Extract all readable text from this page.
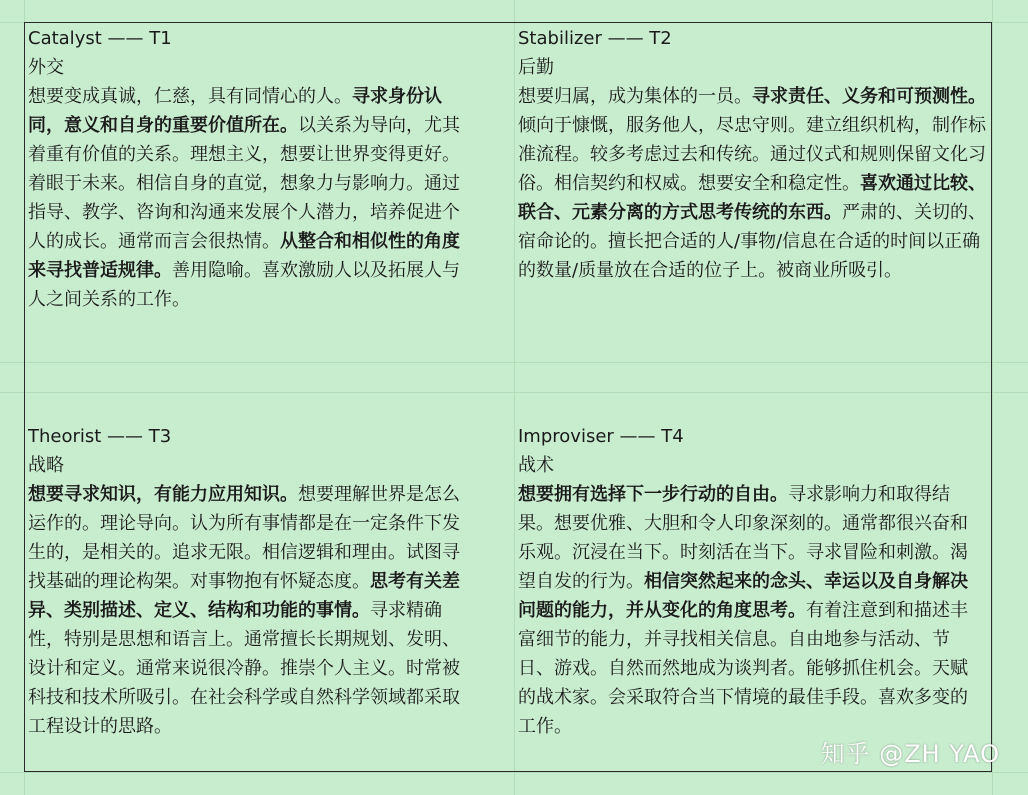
Catalyst —— T1
外交
想要变成真诚，仁慈，具有同情心的人。寻求身份认同，意义和自身的重要价值所在。以关系为导向，尤其着重有价值的关系。理想主义，想要让世界变得更好。着眼于未来。相信自身的直觉，想象力与影响力。通过指导、教学、咨询和沟通来发展个人潜力，培养促进个人的成长。通常而言会很热情。从整合和相似性的角度来寻找普适规律。善用隐喻。喜欢激励人以及拓展人与人之间关系的工作。
Stabilizer —— T2
后勤
想要归属，成为集体的一员。寻求责任、义务和可预测性。倾向于慷慨，服务他人，尽忠守则。建立组织机构，制作标准流程。较多考虑过去和传统。通过仪式和规则保留文化习俗。相信契约和权威。想要安全和稳定性。喜欢通过比较、联合、元素分离的方式思考传统的东西。严肃的、关切的、宿命论的。擅长把合适的人/事物/信息在合适的时间以正确的数量/质量放在合适的位子上。被商业所吸引。
Theorist —— T3
战略
想要寻求知识，有能力应用知识。想要理解世界是怎么运作的。理论导向。认为所有事情都是在一定条件下发生的，是相关的。追求无限。相信逻辑和理由。试图寻找基础的理论构架。对事物抱有怀疑态度。思考有关差异、类别描述、定义、结构和功能的事情。寻求精确性，特别是思想和语言上。通常擅长长期规划、发明、设计和定义。通常来说很冷静。推崇个人主义。时常被科技和技术所吸引。在社会科学或自然科学领域都采取工程设计的思路。
Improviser —— T4
战术
想要拥有选择下一步行动的自由。寻求影响力和取得结果。想要优雅、大胆和令人印象深刻的。通常都很兴奋和乐观。沉浸在当下。时刻活在当下。寻求冒险和刺激。渴望自发的行为。相信突然起来的念头、幸运以及自身解决问题的能力，并从变化的角度思考。有着注意到和描述丰富细节的能力，并寻找相关信息。自由地参与活动、节日、游戏。自然而然地成为谈判者。能够抓住机会。天赋的战术家。会采取符合当下情境的最佳手段。喜欢多变的工作。
知乎 @ZH YAO
